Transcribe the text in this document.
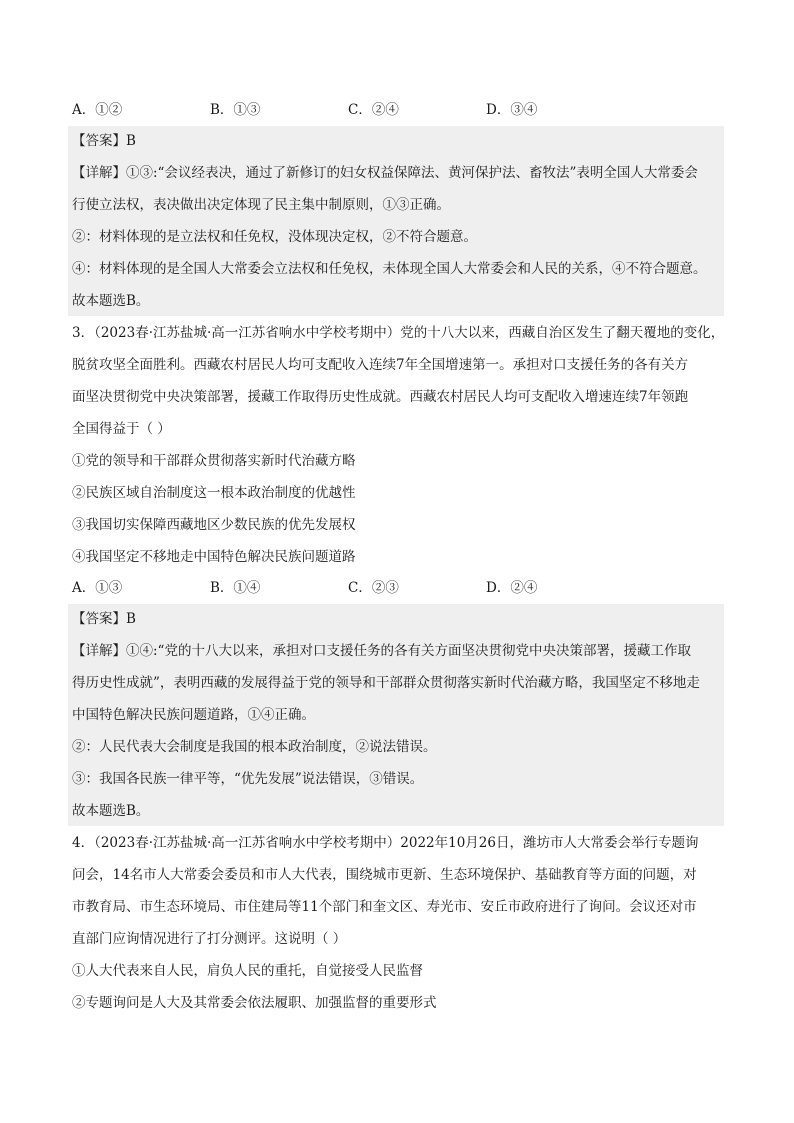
A．①②	B．①③	C．②④	D．③④
【答案】B
【详解】①③:“会议经表决，通过了新修订的妇女权益保障法、黄河保护法、畜牧法”表明全国人大常委会
行使立法权，表决做出决定体现了民主集中制原则，①③正确。
②：材料体现的是立法权和任免权，没体现决定权，②不符合题意。
④：材料体现的是全国人大常委会立法权和任免权，未体现全国人大常委会和人民的关系，④不符合题意。
故本题选B。
3．（2023春·江苏盐城·高一江苏省响水中学校考期中）党的十八大以来，西藏自治区发生了翻天覆地的变化，
脱贫攻坚全面胜利。西藏农村居民人均可支配收入连续7年全国增速第一。承担对口支援任务的各有关方
面坚决贯彻党中央决策部署，援藏工作取得历史性成就。西藏农村居民人均可支配收入增速连续7年领跑
全国得益于（ ）
①党的领导和干部群众贯彻落实新时代治藏方略
②民族区域自治制度这一根本政治制度的优越性
③我国切实保障西藏地区少数民族的优先发展权
④我国坚定不移地走中国特色解决民族问题道路
A．①③	B．①④	C．②③	D．②④
【答案】B
【详解】①④:“党的十八大以来，承担对口支援任务的各有关方面坚决贯彻党中央决策部署，援藏工作取
得历史性成就”，表明西藏的发展得益于党的领导和干部群众贯彻落实新时代治藏方略，我国坚定不移地走
中国特色解决民族问题道路，①④正确。
②：人民代表大会制度是我国的根本政治制度，②说法错误。
③：我国各民族一律平等，“优先发展”说法错误，③错误。
故本题选B。
4．（2023春·江苏盐城·高一江苏省响水中学校考期中）2022年10月26日，潍坊市人大常委会举行专题询
问会，14名市人大常委会委员和市人大代表，围绕城市更新、生态环境保护、基础教育等方面的问题，对
市教育局、市生态环境局、市住建局等11个部门和奎文区、寿光市、安丘市政府进行了询问。会议还对市
直部门应询情况进行了打分测评。这说明（ ）
①人大代表来自人民，肩负人民的重托，自觉接受人民监督
②专题询问是人大及其常委会依法履职、加强监督的重要形式
